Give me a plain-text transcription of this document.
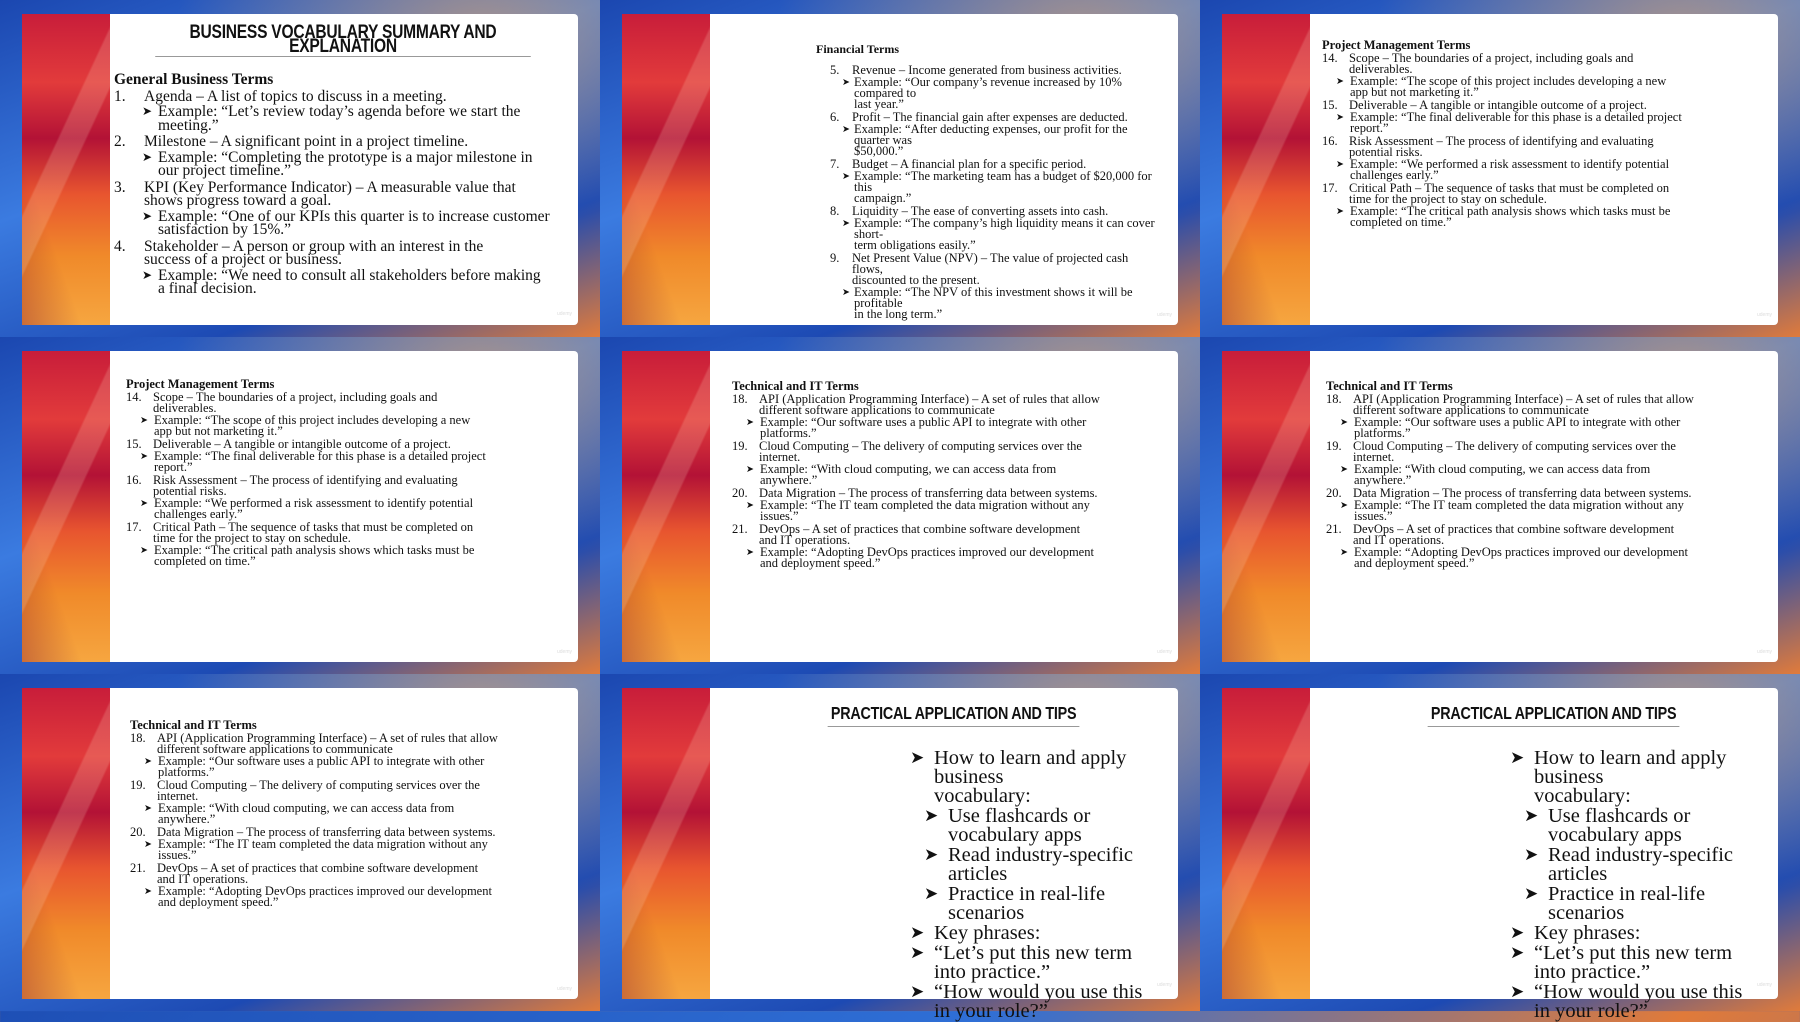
BUSINESS VOCABULARY SUMMARY AND EXPLANATION
General Business Terms
1. Agenda – A list of topics to discuss in a meeting.
➤ Example: “Let’s review today’s agenda before we start the
meeting.”
2. Milestone – A significant point in a project timeline.
➤ Example: “Completing the prototype is a major milestone in
our project timeline.”
3. KPI (Key Performance Indicator) – A measurable value that
shows progress toward a goal.
➤ Example: “One of our KPIs this quarter is to increase customer
satisfaction by 15%.”
4. Stakeholder – A person or group with an interest in the
success of a project or business.
➤ Example: “We need to consult all stakeholders before making
a final decision.
udemy
Financial Terms
5. Revenue – Income generated from business activities.
➤ Example: “Our company’s revenue increased by 10% compared to
last year.”
6. Profit – The financial gain after expenses are deducted.
➤ Example: “After deducting expenses, our profit for the quarter was
$50,000.”
7. Budget – A financial plan for a specific period.
➤ Example: “The marketing team has a budget of $20,000 for this
campaign.”
8. Liquidity – The ease of converting assets into cash.
➤ Example: “The company’s high liquidity means it can cover short-
term obligations easily.”
9. Net Present Value (NPV) – The value of projected cash flows,
discounted to the present.
➤ Example: “The NPV of this investment shows it will be profitable
in the long term.”	udemy
Project Management Terms
14. Scope – The boundaries of a project, including goals and
deliverables.
➤ Example: “The scope of this project includes developing a new
app but not marketing it.”
15. Deliverable – A tangible or intangible outcome of a project.
➤ Example: “The final deliverable for this phase is a detailed project
report.”
16. Risk Assessment – The process of identifying and evaluating
potential risks.
➤ Example: “We performed a risk assessment to identify potential
challenges early.”
17. Critical Path – The sequence of tasks that must be completed on
time for the project to stay on schedule.
➤ Example: “The critical path analysis shows which tasks must be
completed on time.”
udemy
Project Management Terms
14. Scope – The boundaries of a project, including goals and
deliverables.
➤ Example: “The scope of this project includes developing a new
app but not marketing it.”
15. Deliverable – A tangible or intangible outcome of a project.
➤ Example: “The final deliverable for this phase is a detailed project
report.”
16. Risk Assessment – The process of identifying and evaluating
potential risks.
➤ Example: “We performed a risk assessment to identify potential
challenges early.”
17. Critical Path – The sequence of tasks that must be completed on
time for the project to stay on schedule.
➤ Example: “The critical path analysis shows which tasks must be
completed on time.”
udemy
Technical and IT Terms
18. API (Application Programming Interface) – A set of rules that allow
different software applications to communicate
➤ Example: “Our software uses a public API to integrate with other
platforms.”
19. Cloud Computing – The delivery of computing services over the
internet.
➤ Example: “With cloud computing, we can access data from
anywhere.”
20. Data Migration – The process of transferring data between systems.
➤ Example: “The IT team completed the data migration without any
issues.”
21. DevOps – A set of practices that combine software development
and IT operations.
➤ Example: “Adopting DevOps practices improved our development
and deployment speed.”
udemy
Technical and IT Terms
18. API (Application Programming Interface) – A set of rules that allow
different software applications to communicate
➤ Example: “Our software uses a public API to integrate with other
platforms.”
19. Cloud Computing – The delivery of computing services over the
internet.
➤ Example: “With cloud computing, we can access data from
anywhere.”
20. Data Migration – The process of transferring data between systems.
➤ Example: “The IT team completed the data migration without any
issues.”
21. DevOps – A set of practices that combine software development
and IT operations.
➤ Example: “Adopting DevOps practices improved our development
and deployment speed.”
udemy
Technical and IT Terms
18. API (Application Programming Interface) – A set of rules that allow
different software applications to communicate
➤ Example: “Our software uses a public API to integrate with other
platforms.”
19. Cloud Computing – The delivery of computing services over the
internet.
➤ Example: “With cloud computing, we can access data from
anywhere.”
20. Data Migration – The process of transferring data between systems.
➤ Example: “The IT team completed the data migration without any
issues.”
21. DevOps – A set of practices that combine software development
and IT operations.
➤ Example: “Adopting DevOps practices improved our development
and deployment speed.”
udemy
PRACTICAL APPLICATION AND TIPS
➤ How to learn and apply business
vocabulary:
➤ Use flashcards or vocabulary apps
➤ Read industry-specific articles
➤ Practice in real-life scenarios
➤ Key phrases:
➤ “Let’s put this new term into practice.”
➤ “How would you use this in your role?”
udemy
PRACTICAL APPLICATION AND TIPS
➤ How to learn and apply business
vocabulary:
➤ Use flashcards or vocabulary apps
➤ Read industry-specific articles
➤ Practice in real-life scenarios
➤ Key phrases:
➤ “Let’s put this new term into practice.”
➤ “How would you use this in your role?”
udemy
